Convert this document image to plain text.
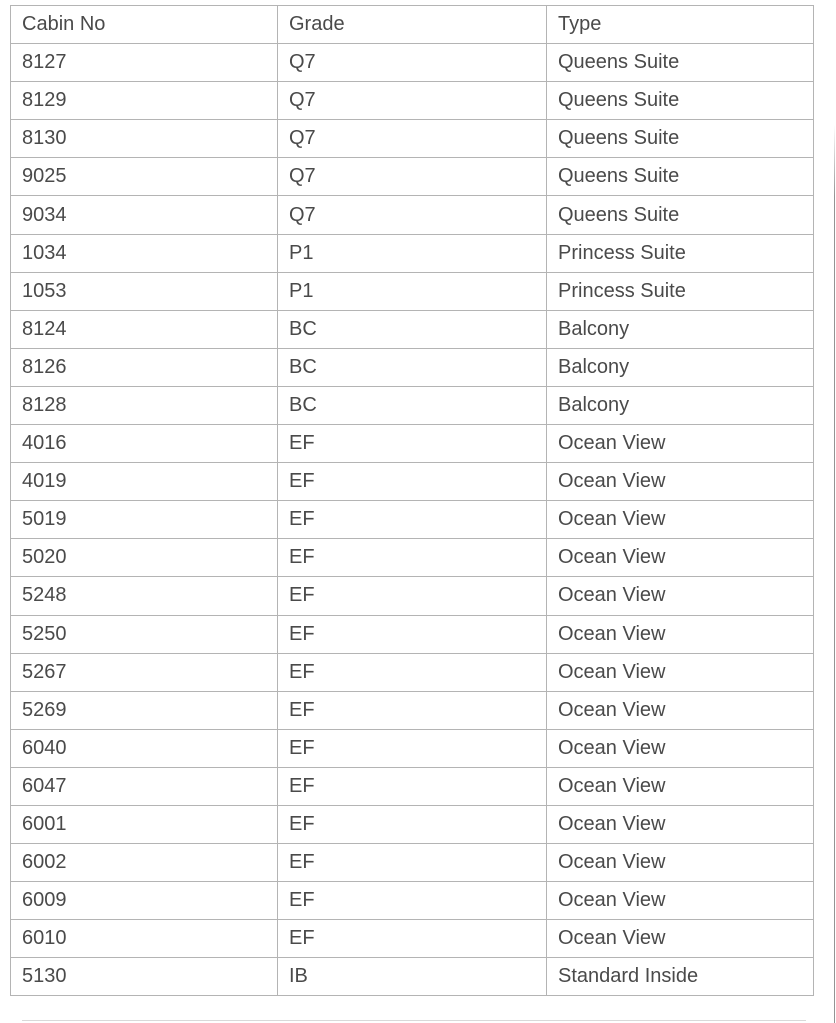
Cabin No	Grade	Type
8127	Q7	Queens Suite
8129	Q7	Queens Suite
8130	Q7	Queens Suite
9025	Q7	Queens Suite
9034	Q7	Queens Suite
1034	P1	Princess Suite
1053	P1	Princess Suite
8124	BC	Balcony
8126	BC	Balcony
8128	BC	Balcony
4016	EF	Ocean View
4019	EF	Ocean View
5019	EF	Ocean View
5020	EF	Ocean View
5248	EF	Ocean View
5250	EF	Ocean View
5267	EF	Ocean View
5269	EF	Ocean View
6040	EF	Ocean View
6047	EF	Ocean View
6001	EF	Ocean View
6002	EF	Ocean View
6009	EF	Ocean View
6010	EF	Ocean View
5130	IB	Standard Inside
